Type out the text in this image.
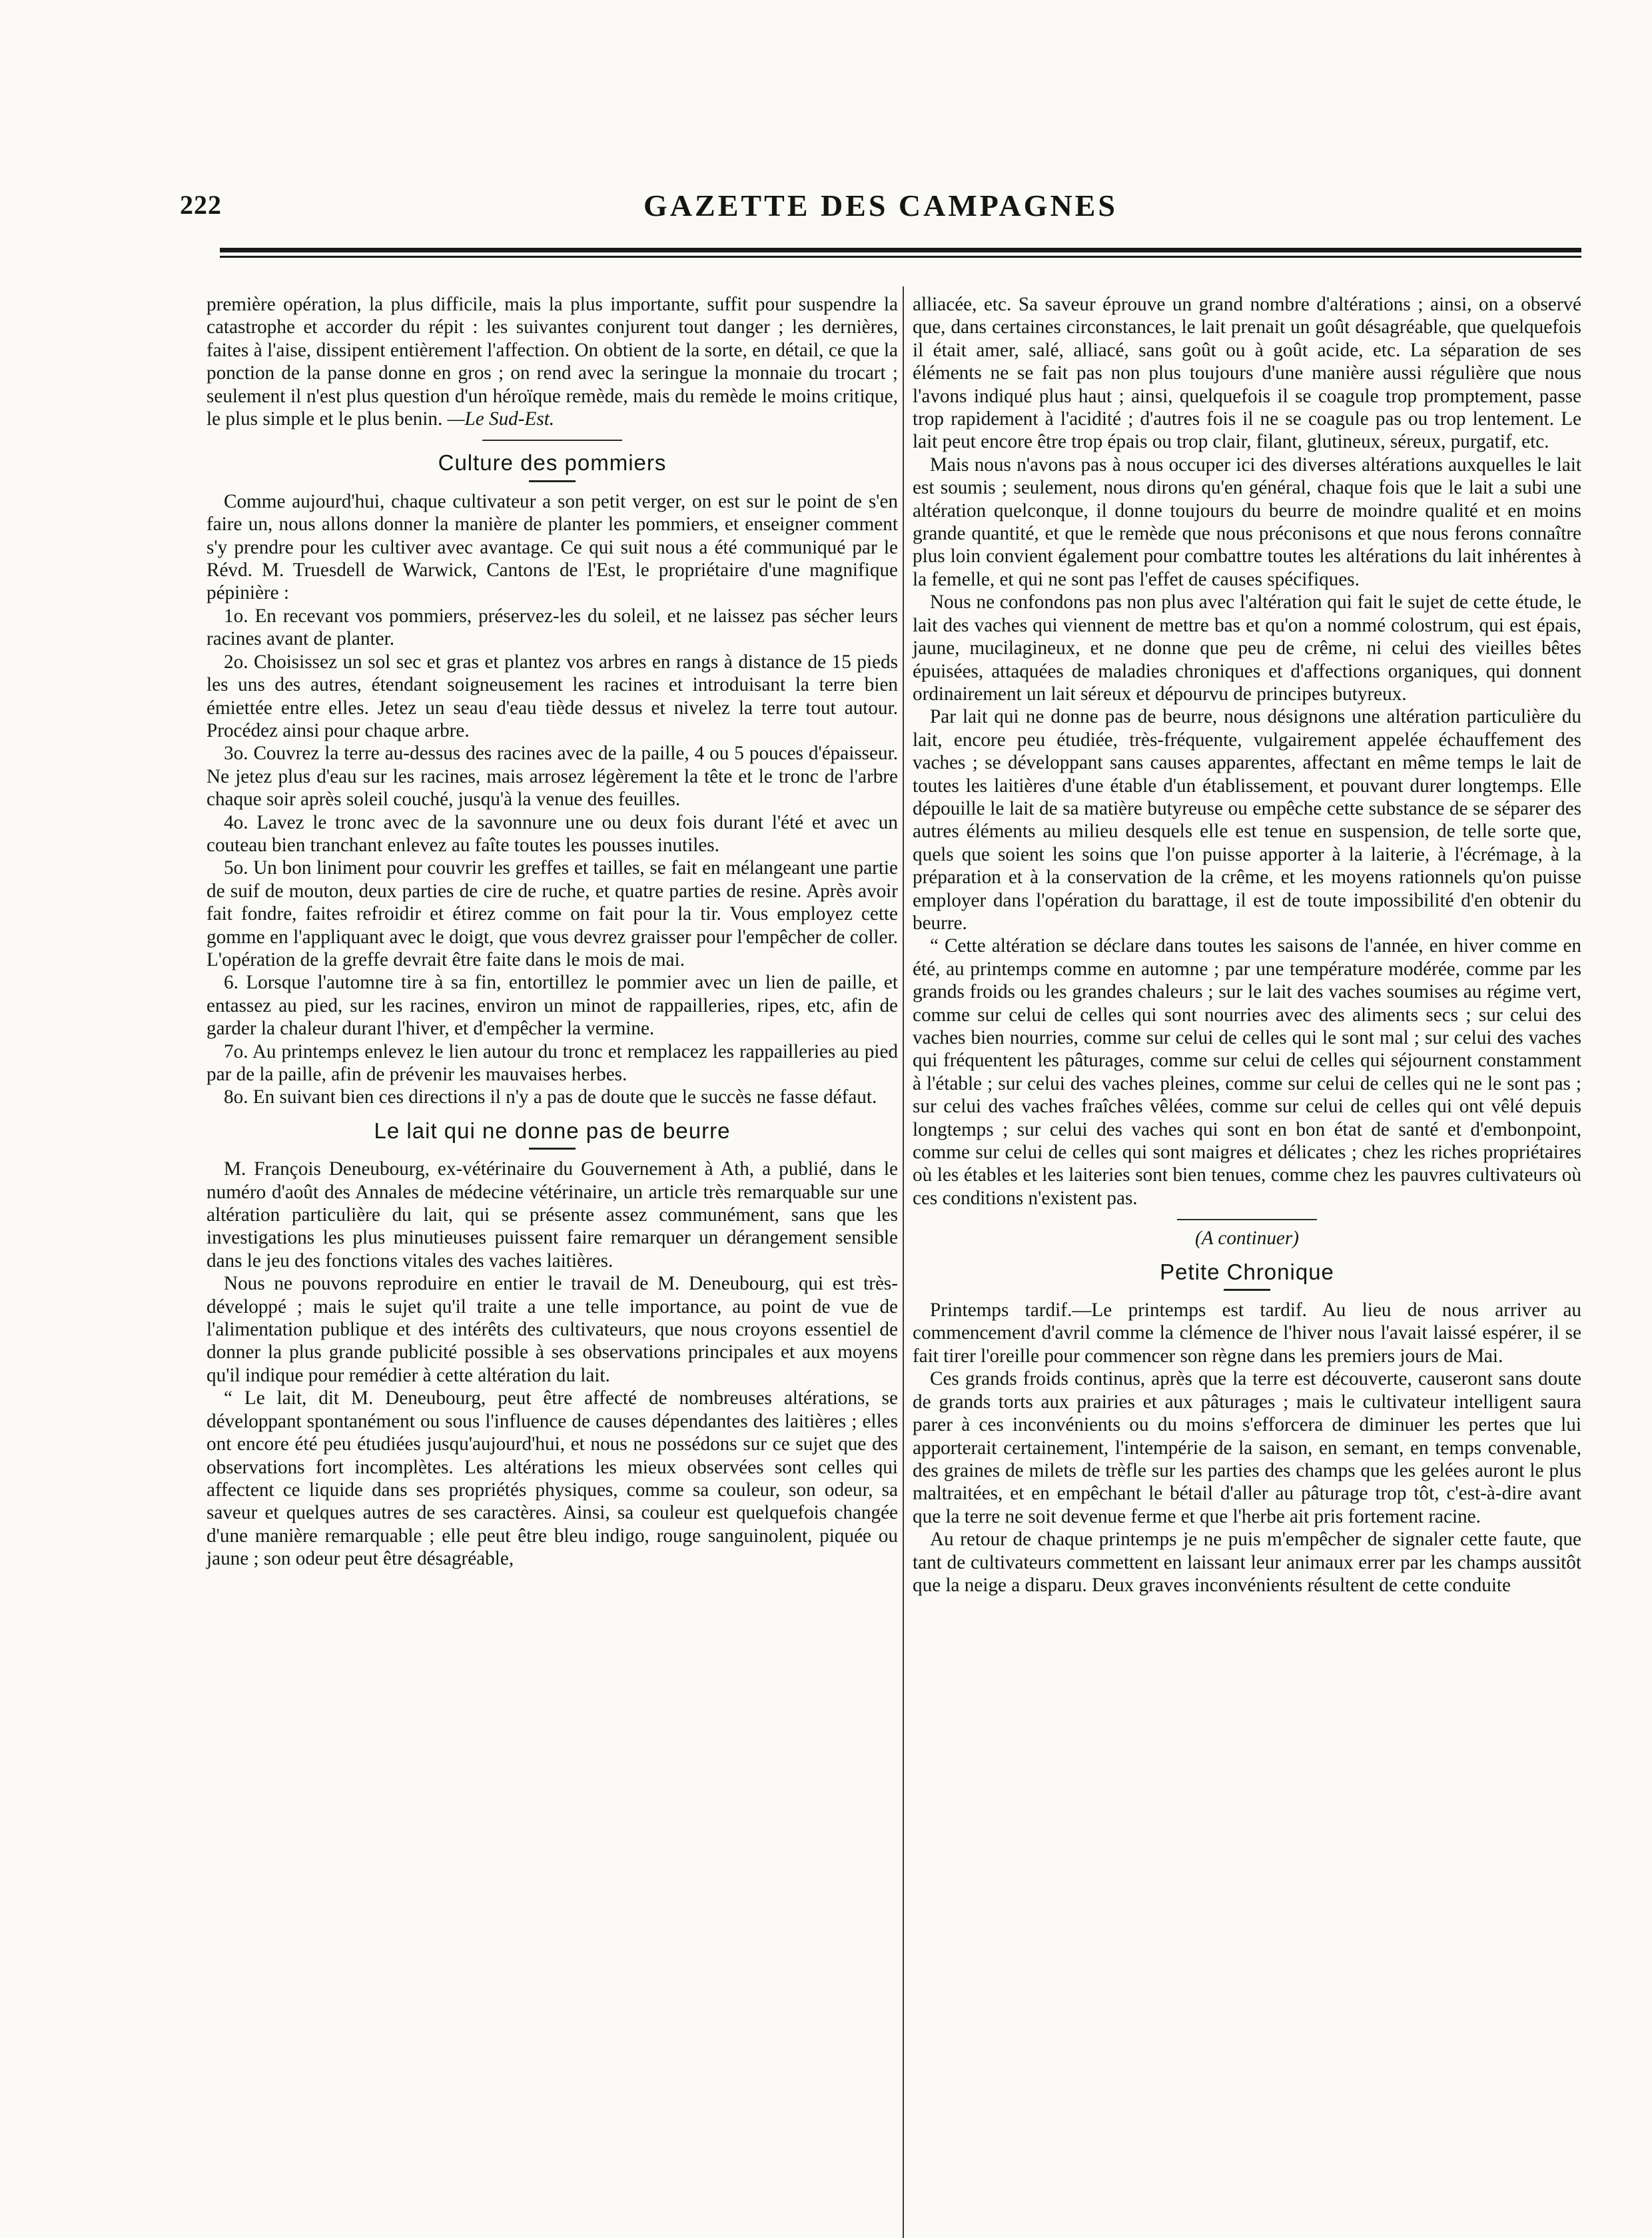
222	GAZETTE DES CAMPAGNES

première opération, la plus difficile, mais la plus importante, suffit pour suspendre la catastrophe et accorder du répit : les suivantes conjurent tout danger ; les dernières, faites à l'aise, dissipent entièrement l'affection. On obtient de la sorte, en détail, ce que la ponction de la panse donne en gros ; on rend avec la seringue la monnaie du trocart ; seulement il n'est plus question d'un héroïque remède, mais du remède le moins critique, le plus simple et le plus benin. —Le Sud-Est.

Culture des pommiers

Comme aujourd'hui, chaque cultivateur a son petit verger, on est sur le point de s'en faire un, nous allons donner la manière de planter les pommiers, et enseigner comment s'y prendre pour les cultiver avec avantage. Ce qui suit nous a été communiqué par le Révd. M. Truesdell de Warwick, Cantons de l'Est, le propriétaire d'une magnifique pépinière :

1o. En recevant vos pommiers, préservez-les du soleil, et ne laissez pas sécher leurs racines avant de planter.

2o. Choisissez un sol sec et gras et plantez vos arbres en rangs à distance de 15 pieds les uns des autres, étendant soigneusement les racines et introduisant la terre bien émiettée entre elles. Jetez un seau d'eau tiède dessus et nivelez la terre tout autour. Procédez ainsi pour chaque arbre.

3o. Couvrez la terre au-dessus des racines avec de la paille, 4 ou 5 pouces d'épaisseur. Ne jetez plus d'eau sur les racines, mais arrosez légèrement la tête et le tronc de l'arbre chaque soir après soleil couché, jusqu'à la venue des feuilles.

4o. Lavez le tronc avec de la savonnure une ou deux fois durant l'été et avec un couteau bien tranchant enlevez au faîte toutes les pousses inutiles.

5o. Un bon liniment pour couvrir les greffes et tailles, se fait en mélangeant une partie de suif de mouton, deux parties de cire de ruche, et quatre parties de resine. Après avoir fait fondre, faites refroidir et étirez comme on fait pour la tir. Vous employez cette gomme en l'appliquant avec le doigt, que vous devrez graisser pour l'empêcher de coller. L'opération de la greffe devrait être faite dans le mois de mai.

6. Lorsque l'automne tire à sa fin, entortillez le pommier avec un lien de paille, et entassez au pied, sur les racines, environ un minot de rappailleries, ripes, etc, afin de garder la chaleur durant l'hiver, et d'empêcher la vermine.

7o. Au printemps enlevez le lien autour du tronc et remplacez les rappailleries au pied par de la paille, afin de prévenir les mauvaises herbes.

8o. En suivant bien ces directions il n'y a pas de doute que le succès ne fasse défaut.

Le lait qui ne donne pas de beurre

M. François Deneubourg, ex-vétérinaire du Gouvernement à Ath, a publié, dans le numéro d'août des Annales de médecine vétérinaire, un article très remarquable sur une altération particulière du lait, qui se présente assez communément, sans que les investigations les plus minutieuses puissent faire remarquer un dérangement sensible dans le jeu des fonctions vitales des vaches laitières.

Nous ne pouvons reproduire en entier le travail de M. Deneubourg, qui est très-développé ; mais le sujet qu'il traite a une telle importance, au point de vue de l'alimentation publique et des intérêts des cultivateurs, que nous croyons essentiel de donner la plus grande publicité possible à ses observations principales et aux moyens qu'il indique pour remédier à cette altération du lait.

“ Le lait, dit M. Deneubourg, peut être affecté de nombreuses altérations, se développant spontanément ou sous l'influence de causes dépendantes des laitières ; elles ont encore été peu étudiées jusqu'aujourd'hui, et nous ne possédons sur ce sujet que des observations fort incomplètes. Les altérations les mieux observées sont celles qui affectent ce liquide dans ses propriétés physiques, comme sa couleur, son odeur, sa saveur et quelques autres de ses caractères. Ainsi, sa couleur est quelquefois changée d'une manière remarquable ; elle peut être bleu indigo, rouge sanguinolent, piquée ou jaune ; son odeur peut être désagréable,

alliacée, etc. Sa saveur éprouve un grand nombre d'altérations ; ainsi, on a observé que, dans certaines circonstances, le lait prenait un goût désagréable, que quelquefois il était amer, salé, alliacé, sans goût ou à goût acide, etc. La séparation de ses éléments ne se fait pas non plus toujours d'une manière aussi régulière que nous l'avons indiqué plus haut ; ainsi, quelquefois il se coagule trop promptement, passe trop rapidement à l'acidité ; d'autres fois il ne se coagule pas ou trop lentement. Le lait peut encore être trop épais ou trop clair, filant, glutineux, séreux, purgatif, etc.

Mais nous n'avons pas à nous occuper ici des diverses altérations auxquelles le lait est soumis ; seulement, nous dirons qu'en général, chaque fois que le lait a subi une altération quelconque, il donne toujours du beurre de moindre qualité et en moins grande quantité, et que le remède que nous préconisons et que nous ferons connaître plus loin convient également pour combattre toutes les altérations du lait inhérentes à la femelle, et qui ne sont pas l'effet de causes spécifiques.

Nous ne confondons pas non plus avec l'altération qui fait le sujet de cette étude, le lait des vaches qui viennent de mettre bas et qu'on a nommé colostrum, qui est épais, jaune, mucilagineux, et ne donne que peu de crême, ni celui des vieilles bêtes épuisées, attaquées de maladies chroniques et d'affections organiques, qui donnent ordinairement un lait séreux et dépourvu de principes butyreux.

Par lait qui ne donne pas de beurre, nous désignons une altération particulière du lait, encore peu étudiée, très-fréquente, vulgairement appelée échauffement des vaches ; se développant sans causes apparentes, affectant en même temps le lait de toutes les laitières d'une étable d'un établissement, et pouvant durer longtemps. Elle dépouille le lait de sa matière butyreuse ou empêche cette substance de se séparer des autres éléments au milieu desquels elle est tenue en suspension, de telle sorte que, quels que soient les soins que l'on puisse apporter à la laiterie, à l'écrémage, à la préparation et à la conservation de la crême, et les moyens rationnels qu'on puisse employer dans l'opération du barattage, il est de toute impossibilité d'en obtenir du beurre.

“ Cette altération se déclare dans toutes les saisons de l'année, en hiver comme en été, au printemps comme en automne ; par une température modérée, comme par les grands froids ou les grandes chaleurs ; sur le lait des vaches soumises au régime vert, comme sur celui de celles qui sont nourries avec des aliments secs ; sur celui des vaches bien nourries, comme sur celui de celles qui le sont mal ; sur celui des vaches qui fréquentent les pâturages, comme sur celui de celles qui séjournent constamment à l'étable ; sur celui des vaches pleines, comme sur celui de celles qui ne le sont pas ; sur celui des vaches fraîches vêlées, comme sur celui de celles qui ont vêlé depuis longtemps ; sur celui des vaches qui sont en bon état de santé et d'embonpoint, comme sur celui de celles qui sont maigres et délicates ; chez les riches propriétaires où les étables et les laiteries sont bien tenues, comme chez les pauvres cultivateurs où ces conditions n'existent pas.

(A continuer)
Petite Chronique

Printemps tardif.—Le printemps est tardif. Au lieu de nous arriver au commencement d'avril comme la clémence de l'hiver nous l'avait laissé espérer, il se fait tirer l'oreille pour commencer son règne dans les premiers jours de Mai.

Ces grands froids continus, après que la terre est découverte, causeront sans doute de grands torts aux prairies et aux pâturages ; mais le cultivateur intelligent saura parer à ces inconvénients ou du moins s'efforcera de diminuer les pertes que lui apporterait certainement, l'intempérie de la saison, en semant, en temps convenable, des graines de milets de trèfle sur les parties des champs que les gelées auront le plus maltraitées, et en empêchant le bétail d'aller au pâturage trop tôt, c'est-à-dire avant que la terre ne soit devenue ferme et que l'herbe ait pris fortement racine.

Au retour de chaque printemps je ne puis m'empêcher de signaler cette faute, que tant de cultivateurs commettent en laissant leur animaux errer par les champs aussitôt que la neige a disparu. Deux graves inconvénients résultent de cette conduite
